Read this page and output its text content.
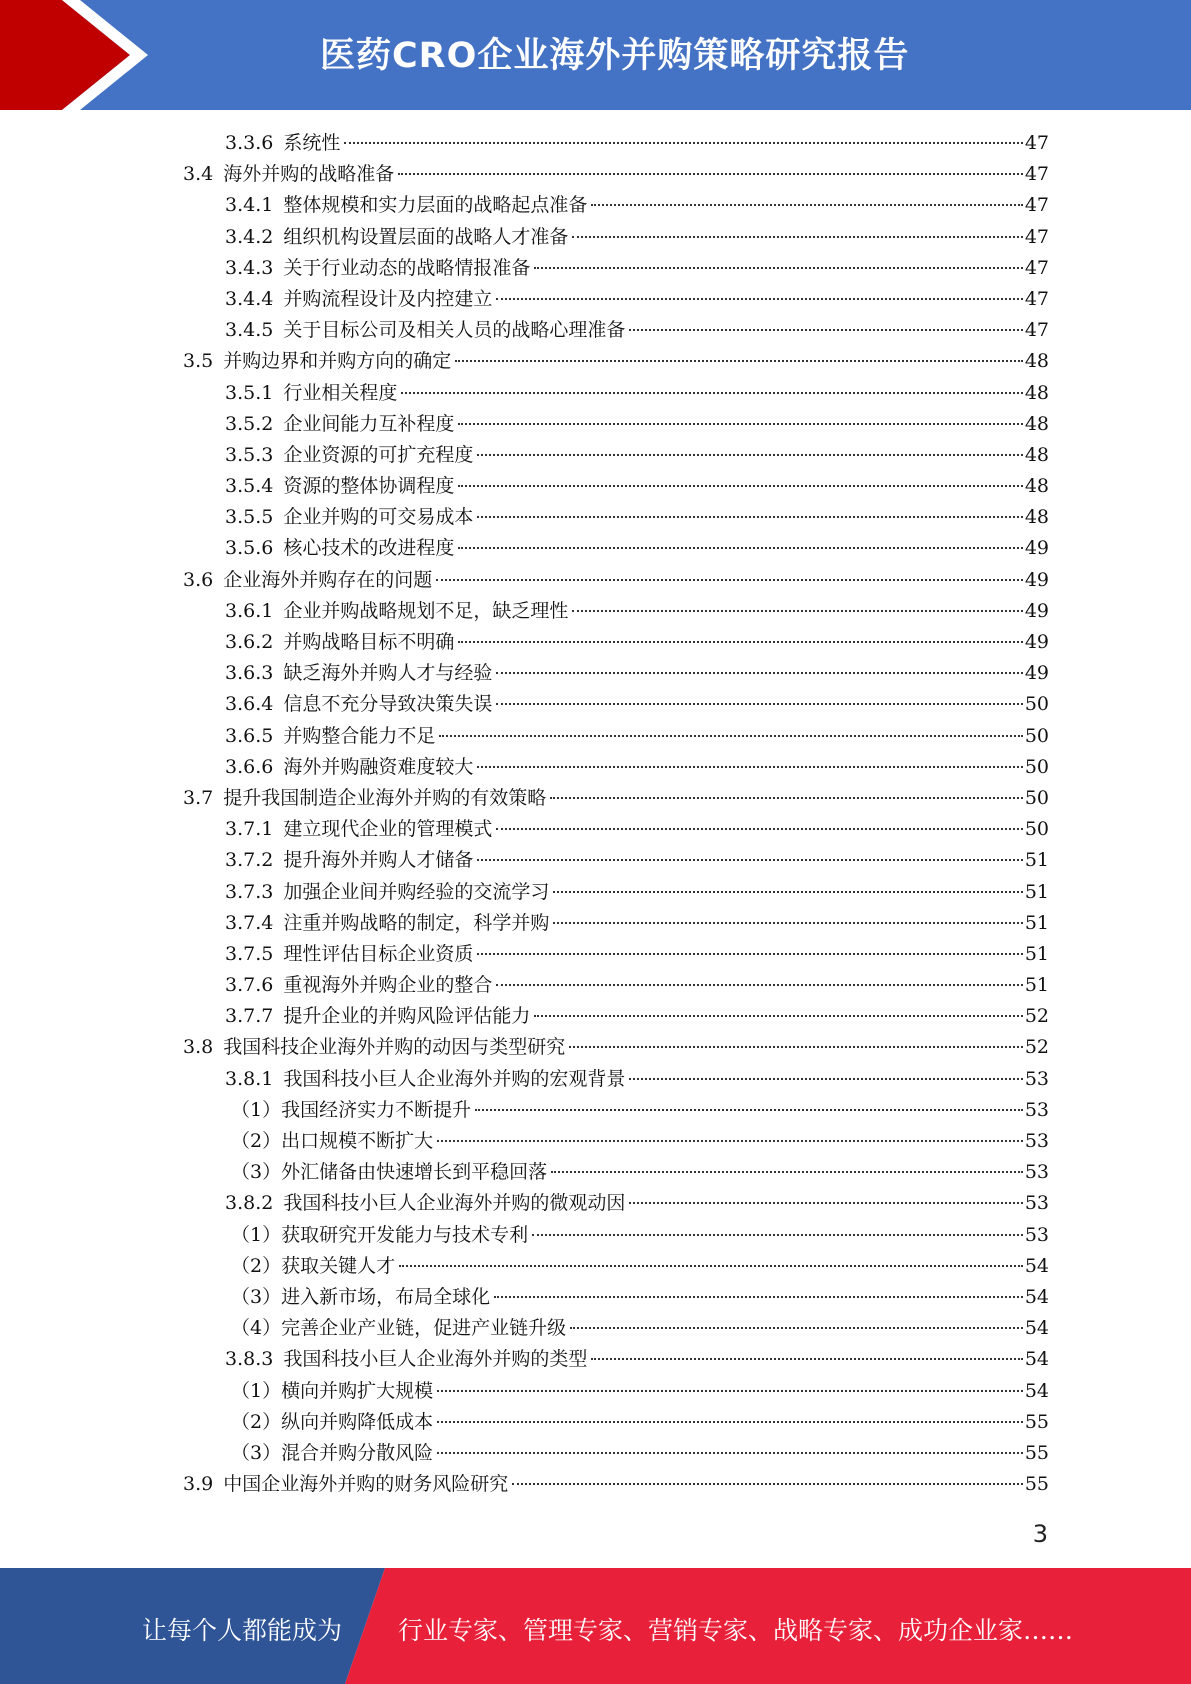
医药CRO企业海外并购策略研究报告
3.3.6 系统性	47
3.4 海外并购的战略准备	47
3.4.1 整体规模和实力层面的战略起点准备	47
3.4.2 组织机构设置层面的战略人才准备	47
3.4.3 关于行业动态的战略情报准备	47
3.4.4 并购流程设计及内控建立	47
3.4.5 关于目标公司及相关人员的战略心理准备	47
3.5 并购边界和并购方向的确定	48
3.5.1 行业相关程度	48
3.5.2 企业间能力互补程度	48
3.5.3 企业资源的可扩充程度	48
3.5.4 资源的整体协调程度	48
3.5.5 企业并购的可交易成本	48
3.5.6 核心技术的改进程度	49
3.6 企业海外并购存在的问题	49
3.6.1 企业并购战略规划不足，缺乏理性	49
3.6.2 并购战略目标不明确	49
3.6.3 缺乏海外并购人才与经验	49
3.6.4 信息不充分导致决策失误	50
3.6.5 并购整合能力不足	50
3.6.6 海外并购融资难度较大	50
3.7 提升我国制造企业海外并购的有效策略	50
3.7.1 建立现代企业的管理模式	50
3.7.2 提升海外并购人才储备	51
3.7.3 加强企业间并购经验的交流学习	51
3.7.4 注重并购战略的制定，科学并购	51
3.7.5 理性评估目标企业资质	51
3.7.6 重视海外并购企业的整合	51
3.7.7 提升企业的并购风险评估能力	52
3.8 我国科技企业海外并购的动因与类型研究	52
3.8.1 我国科技小巨人企业海外并购的宏观背景	53
（1） 我国经济实力不断提升	53
（2） 出口规模不断扩大	53
（3） 外汇储备由快速增长到平稳回落	53
3.8.2 我国科技小巨人企业海外并购的微观动因	53
（1） 获取研究开发能力与技术专利	53
（2） 获取关键人才	54
（3） 进入新市场，布局全球化	54
（4） 完善企业产业链，促进产业链升级	54
3.8.3 我国科技小巨人企业海外并购的类型	54
（1） 横向并购扩大规模	54
（2） 纵向并购降低成本	55
（3） 混合并购分散风险	55
3.9 中国企业海外并购的财务风险研究	55
3
让每个人都能成为 行业专家、管理专家、营销专家、战略专家、成功企业家……
